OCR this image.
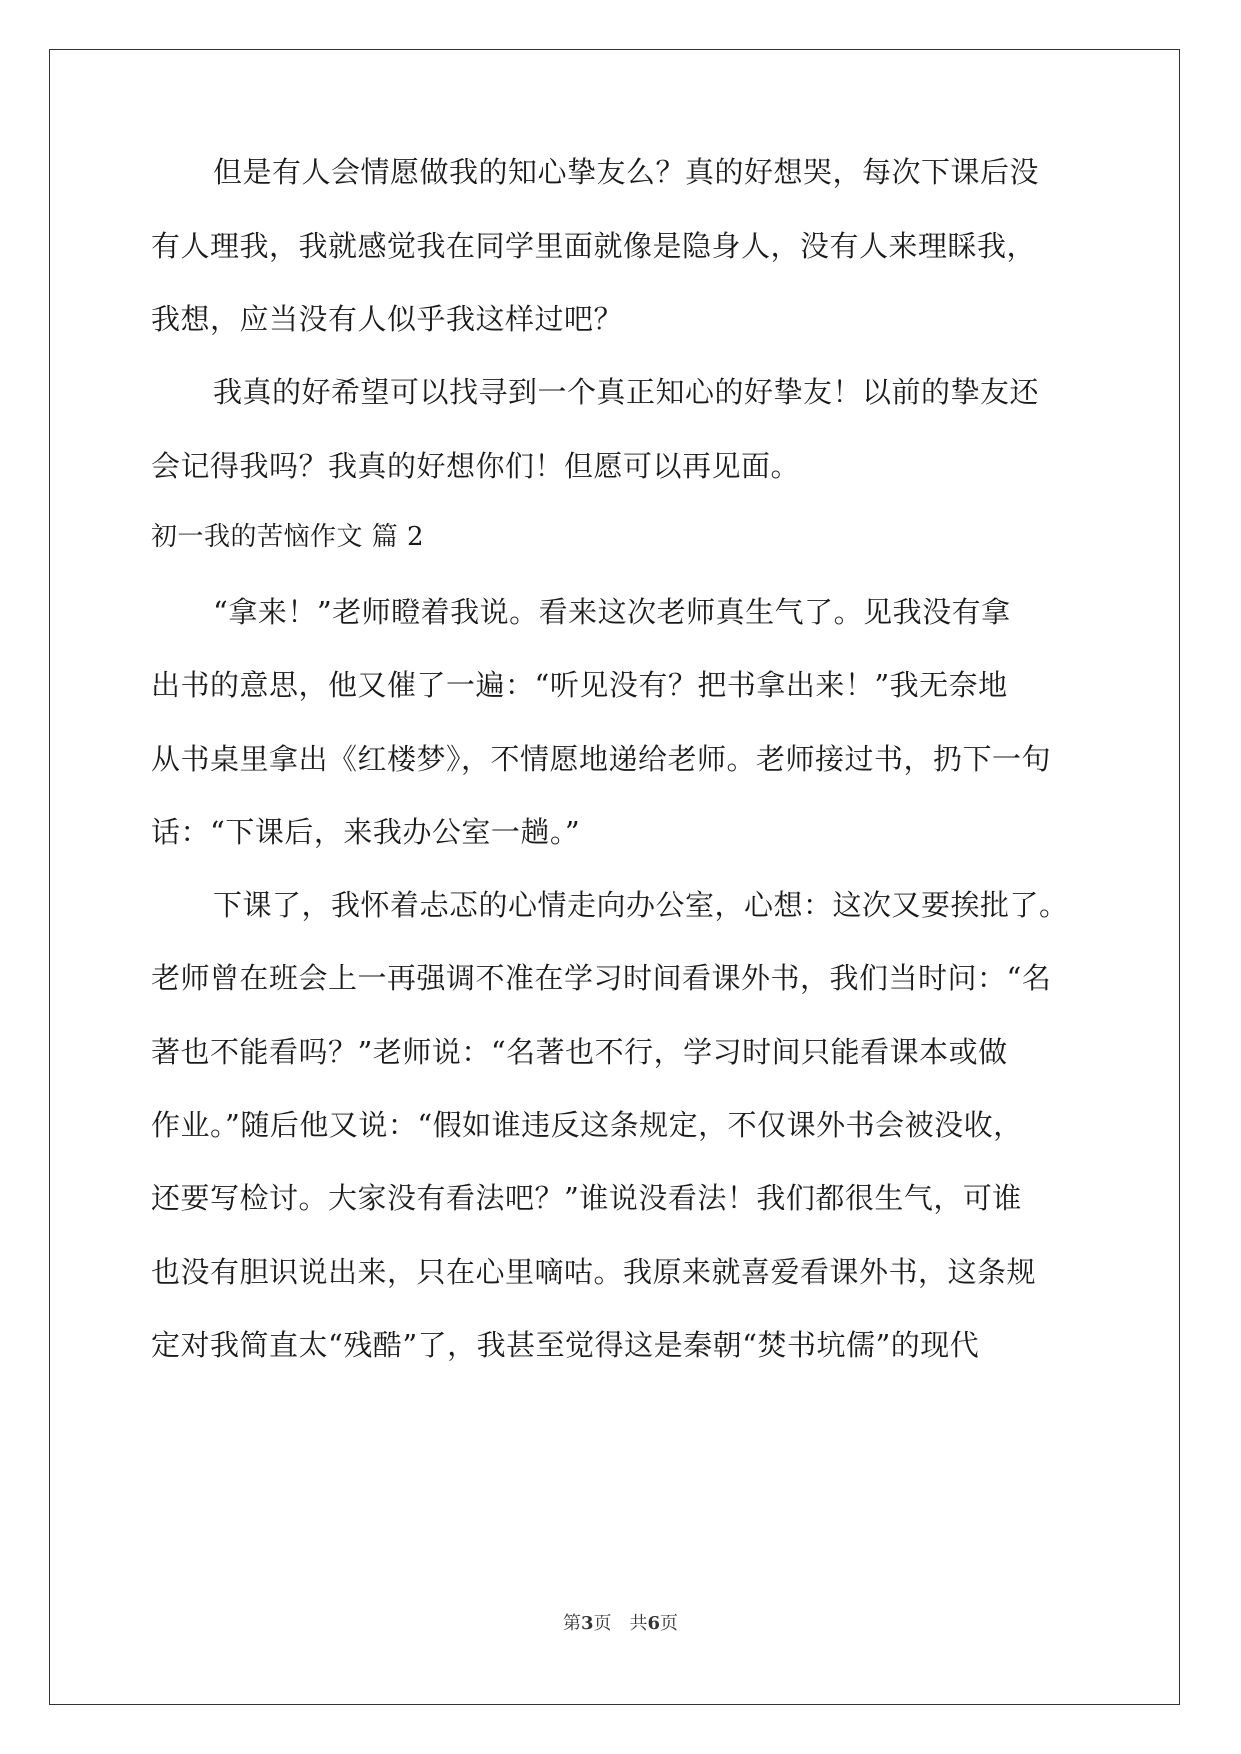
但是有人会情愿做我的知心挚友么？真的好想哭，每次下课后没
有人理我，我就感觉我在同学里面就像是隐身人，没有人来理睬我，
我想，应当没有人似乎我这样过吧？
我真的好希望可以找寻到一个真正知心的好挚友！以前的挚友还
会记得我吗？我真的好想你们！但愿可以再见面。
初一我的苦恼作文 篇 2
“拿来！”老师瞪着我说。看来这次老师真生气了。见我没有拿
出书的意思，他又催了一遍：“听见没有？把书拿出来！”我无奈地
从书桌里拿出《红楼梦》，不情愿地递给老师。老师接过书，扔下一句
话：“下课后，来我办公室一趟。”
下课了，我怀着忐忑的心情走向办公室，心想：这次又要挨批了。
老师曾在班会上一再强调不准在学习时间看课外书，我们当时问：“名
著也不能看吗？”老师说：“名著也不行，学习时间只能看课本或做
作业。”随后他又说：“假如谁违反这条规定，不仅课外书会被没收，
还要写检讨。大家没有看法吧？”谁说没看法！我们都很生气，可谁
也没有胆识说出来，只在心里嘀咕。我原来就喜爱看课外书，这条规
定对我简直太“残酷”了，我甚至觉得这是秦朝“焚书坑儒”的现代
第3页 共6页
